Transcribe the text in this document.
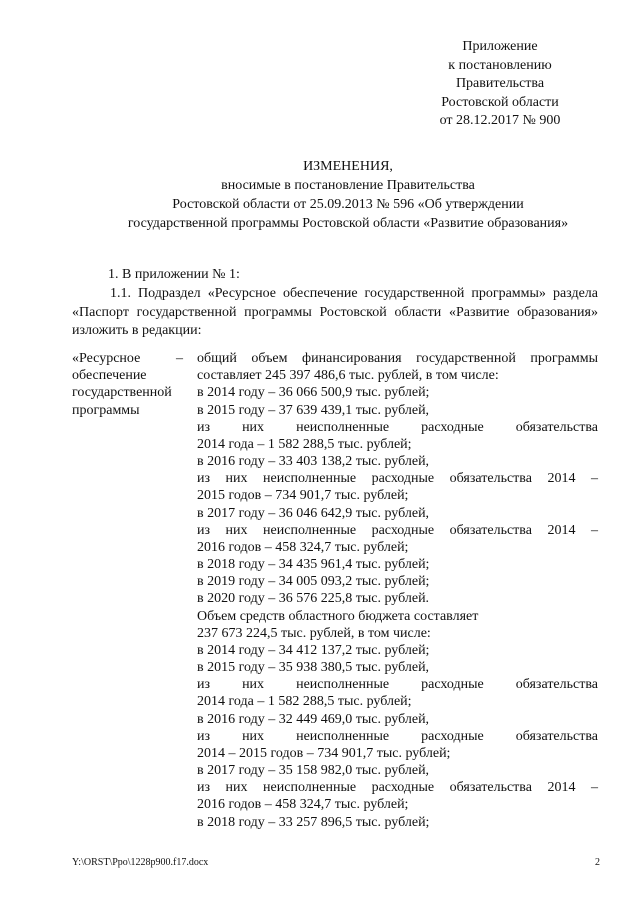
Приложение
к постановлению
Правительства
Ростовской области
от 28.12.2017 № 900
ИЗМЕНЕНИЯ,
вносимые в постановление Правительства
Ростовской области от 25.09.2013 № 596 «Об утверждении
государственной программы Ростовской области «Развитие образования»
1. В приложении № 1:
1.1. Подраздел «Ресурсное обеспечение государственной программы» раздела «Паспорт государственной программы Ростовской области «Развитие образования» изложить в редакции:
«Ресурсное
обеспечение
государственной
программы
– общий объем финансирования государственной программы
составляет 245 397 486,6 тыс. рублей, в том числе:
в 2014 году – 36 066 500,9 тыс. рублей;
в 2015 году – 37 639 439,1 тыс. рублей,
из них неисполненные расходные обязательства
2014 года – 1 582 288,5 тыс. рублей;
в 2016 году – 33 403 138,2 тыс. рублей,
из них неисполненные расходные обязательства 2014 –
2015 годов – 734 901,7 тыс. рублей;
в 2017 году – 36 046 642,9 тыс. рублей,
из них неисполненные расходные обязательства 2014 –
2016 годов – 458 324,7 тыс. рублей;
в 2018 году – 34 435 961,4 тыс. рублей;
в 2019 году – 34 005 093,2 тыс. рублей;
в 2020 году – 36 576 225,8 тыс. рублей.
Объем средств областного бюджета составляет
237 673 224,5 тыс. рублей, в том числе:
в 2014 году – 34 412 137,2 тыс. рублей;
в 2015 году – 35 938 380,5 тыс. рублей,
из них неисполненные расходные обязательства
2014 года – 1 582 288,5 тыс. рублей;
в 2016 году – 32 449 469,0 тыс. рублей,
из них неисполненные расходные обязательства
2014 – 2015 годов – 734 901,7 тыс. рублей;
в 2017 году – 35 158 982,0 тыс. рублей,
из них неисполненные расходные обязательства 2014 –
2016 годов – 458 324,7 тыс. рублей;
в 2018 году – 33 257 896,5 тыс. рублей;
Y:\ORST\Ppo\1228p900.f17.docx	2
